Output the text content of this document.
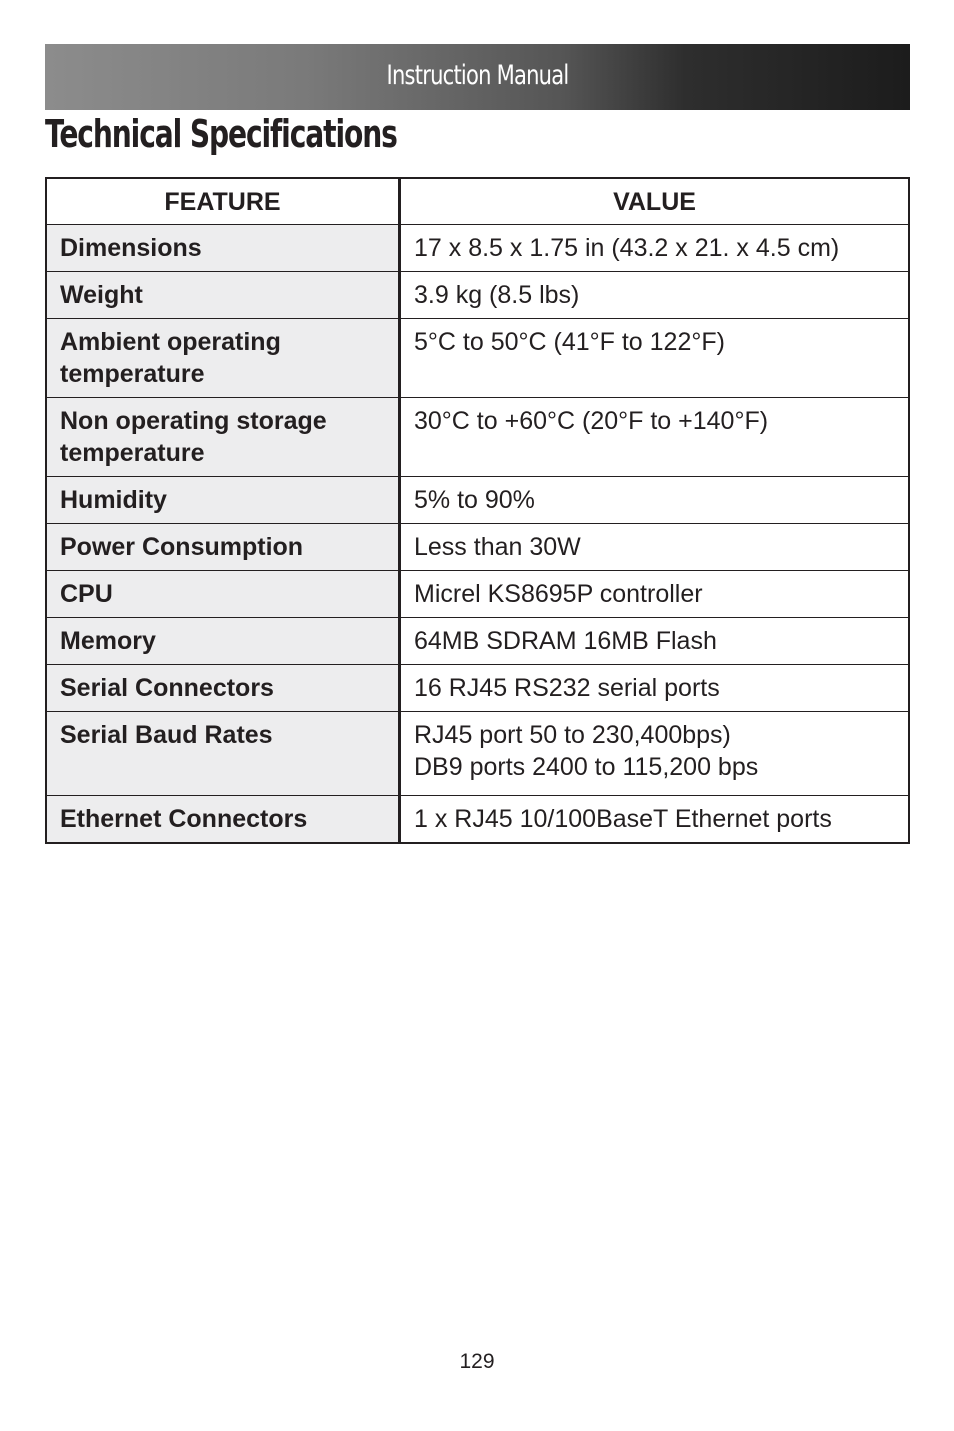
Instruction Manual
Technical Specifications
FEATURE	VALUE
Dimensions	17 x 8.5 x 1.75 in (43.2 x 21. x 4.5 cm)

Weight	3.9 kg (8.5 lbs)

Ambient operating temperature	5°C to 50°C (41°F to 122°F)

Non operating storage temperature	30°C to +60°C (20°F to +140°F)

Humidity	5% to 90%

Power Consumption	Less than 30W

CPU	Micrel KS8695P controller

Memory	64MB SDRAM 16MB Flash

Serial Connectors	16 RJ45 RS232 serial ports

Serial Baud Rates	RJ45 port 50 to 230,400bps)
DB9 ports 2400 to 115,200 bps

Ethernet Connectors	1 x RJ45 10/100BaseT Ethernet ports
129
